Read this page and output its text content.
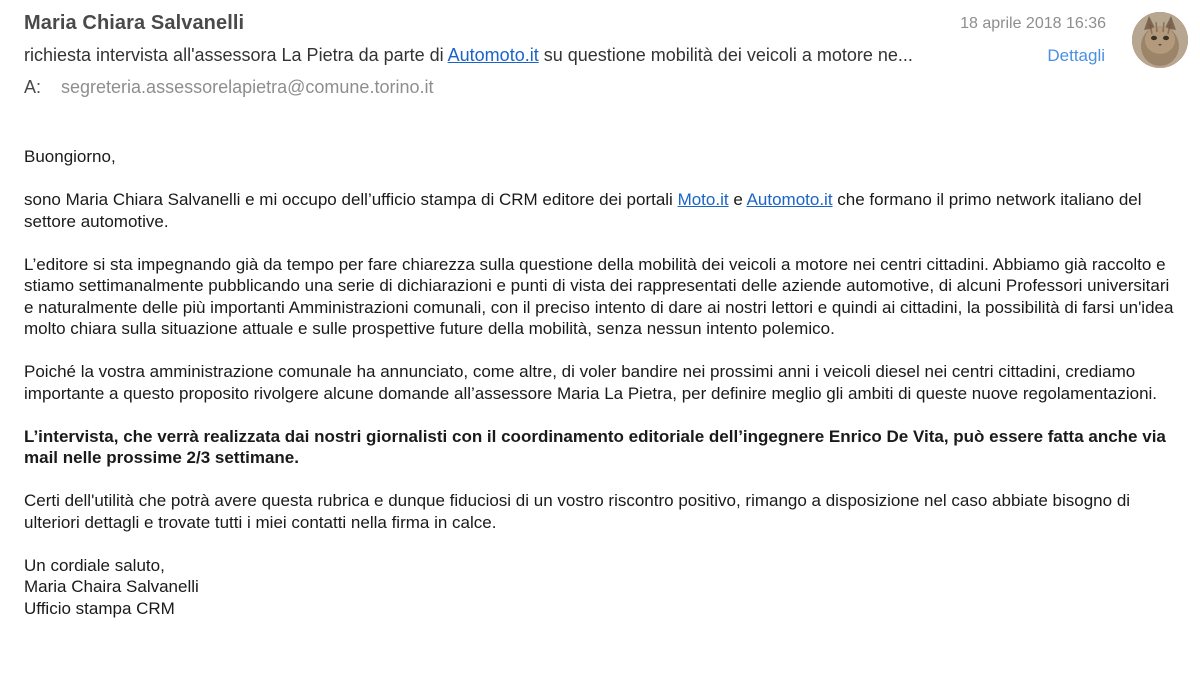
Maria Chiara Salvanelli	18 aprile 2018 16:36
richiesta intervista all'assessora La Pietra da parte di Automoto.it su questione mobilità dei veicoli a motore ne...	Dettagli
A: segreteria.assessorelapietra@comune.torino.it

Buongiorno,

sono Maria Chiara Salvanelli e mi occupo dell’ufficio stampa di CRM editore dei portali Moto.it e Automoto.it che formano il primo network italiano del settore automotive.

L’editore si sta impegnando già da tempo per fare chiarezza sulla questione della mobilità dei veicoli a motore nei centri cittadini. Abbiamo già raccolto e stiamo settimanalmente pubblicando una serie di dichiarazioni e punti di vista dei rappresentati delle aziende automotive, di alcuni Professori universitari e naturalmente delle più importanti Amministrazioni comunali, con il preciso intento di dare ai nostri lettori e quindi ai cittadini, la possibilità di farsi un'idea molto chiara sulla situazione attuale e sulle prospettive future della mobilità, senza nessun intento polemico.

Poiché la vostra amministrazione comunale ha annunciato, come altre, di voler bandire nei prossimi anni i veicoli diesel nei centri cittadini, crediamo importante a questo proposito rivolgere alcune domande all’assessore Maria La Pietra, per definire meglio gli ambiti di queste nuove regolamentazioni.

L’intervista, che verrà realizzata dai nostri giornalisti con il coordinamento editoriale dell’ingegnere Enrico De Vita, può essere fatta anche via mail nelle prossime 2/3 settimane.

Certi dell'utilità che potrà avere questa rubrica e dunque fiduciosi di un vostro riscontro positivo, rimango a disposizione nel caso abbiate bisogno di ulteriori dettagli e trovate tutti i miei contatti nella firma in calce.

Un cordiale saluto,
Maria Chaira Salvanelli
Ufficio stampa CRM
